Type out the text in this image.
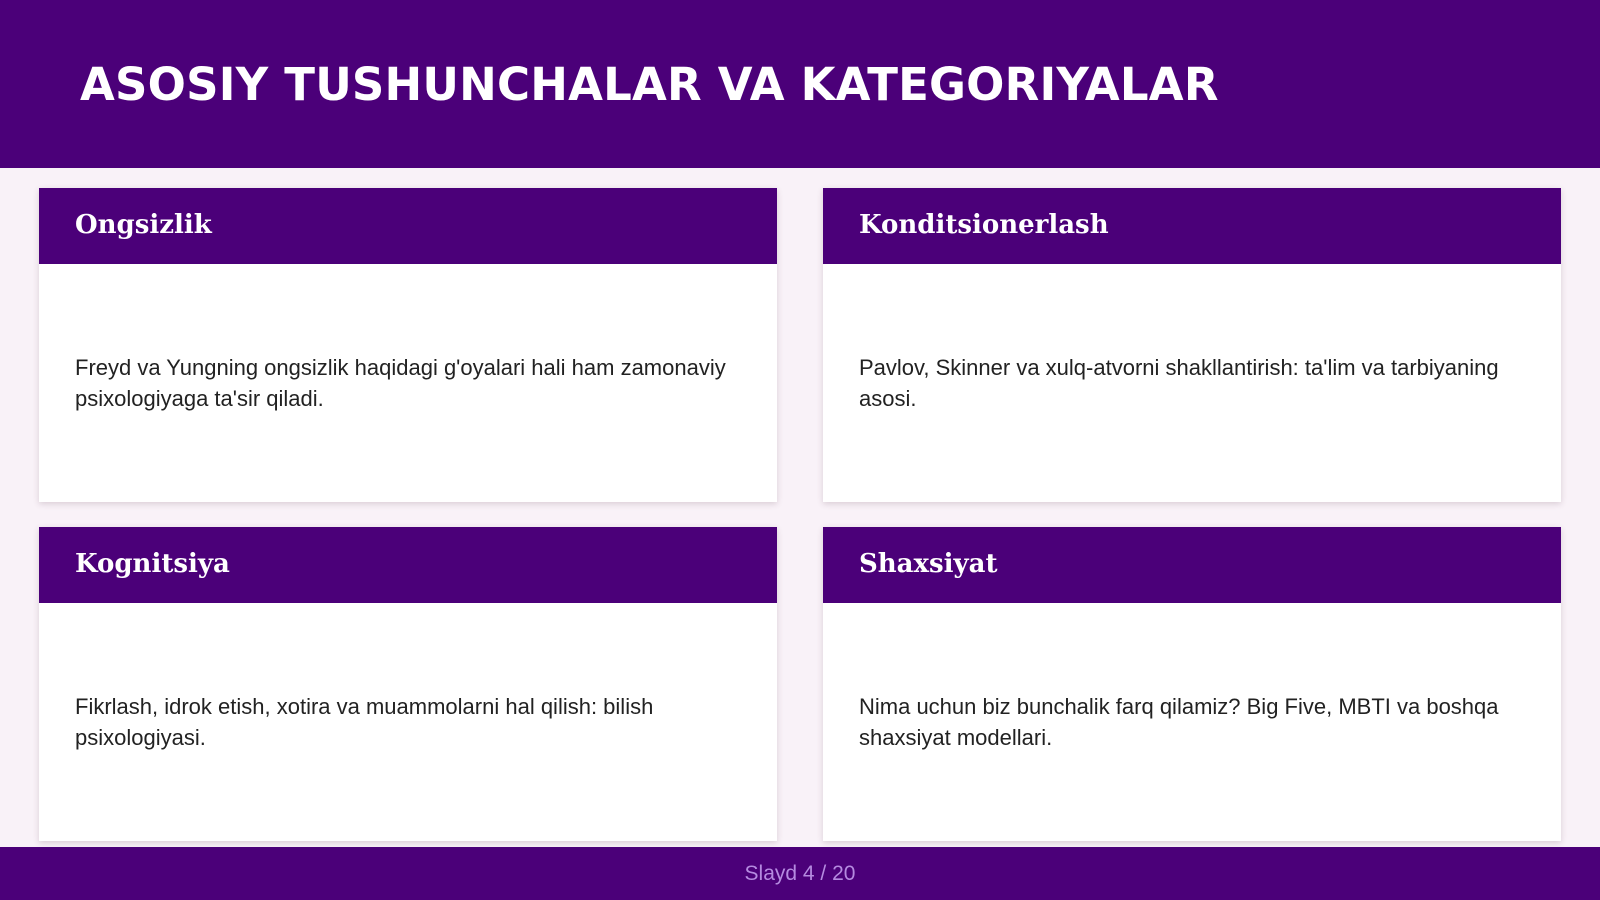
ASOSIY TUSHUNCHALAR VA KATEGORIYALAR
Ongsizlik

Freyd va Yungning ongsizlik haqidagi g'oyalari hali ham zamonaviy psixologiyaga ta'sir qiladi.

Konditsionerlash

Pavlov, Skinner va xulq-atvorni shakllantirish: ta'lim va tarbiyaning asosi.

Kognitsiya

Fikrlash, idrok etish, xotira va muammolarni hal qilish: bilish psixologiyasi.

Shaxsiyat

Nima uchun biz bunchalik farq qilamiz? Big Five, MBTI va boshqa shaxsiyat modellari.

Slayd 4 / 20
